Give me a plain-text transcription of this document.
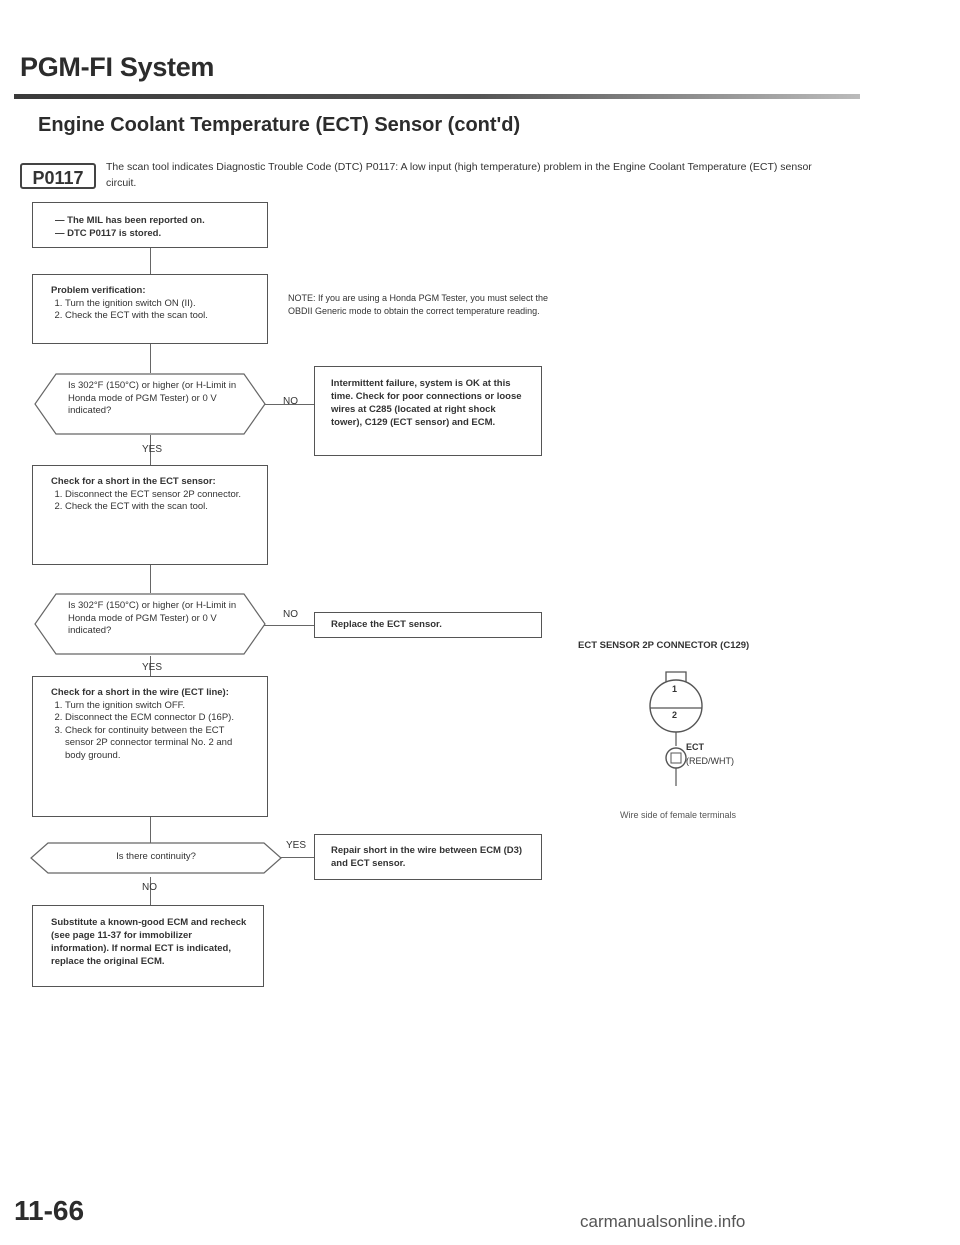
PGM-FI System
Engine Coolant Temperature (ECT) Sensor (cont'd)
P0117
The scan tool indicates Diagnostic Trouble Code (DTC) P0117: A low input (high temperature) problem in the Engine Coolant Temperature (ECT) sensor circuit.
— The MIL has been reported on.
— DTC P0117 is stored.
Problem verification:
1. Turn the ignition switch ON (II).
2. Check the ECT with the scan tool.
NOTE: If you are using a Honda PGM Tester, you must select the OBDII Generic mode to obtain the correct temperature reading.
Is 302°F (150°C) or higher (or H-Limit in Honda mode of PGM Tester) or 0 V indicated?
NO
YES
Intermittent failure, system is OK at this time. Check for poor connections or loose wires at C285 (located at right shock tower), C129 (ECT sensor) and ECM.
Check for a short in the ECT sensor:
1. Disconnect the ECT sensor 2P connector.
2. Check the ECT with the scan tool.
Is 302°F (150°C) or higher (or H-Limit in Honda mode of PGM Tester) or 0 V indicated?
NO
YES
Replace the ECT sensor.
Check for a short in the wire (ECT line):
1. Turn the ignition switch OFF.
2. Disconnect the ECM connector D (16P).
3. Check for continuity between the ECT sensor 2P connector terminal No. 2 and body ground.
Is there continuity?
YES
NO
Repair short in the wire between ECM (D3) and ECT sensor.
Substitute a known-good ECM and recheck (see page 11-37 for immobilizer information). If normal ECT is indicated, replace the original ECM.
ECT SENSOR 2P CONNECTOR (C129)
1
2
ECT
(RED/WHT)
Wire side of female terminals
11-66	carmanualsonline.info
